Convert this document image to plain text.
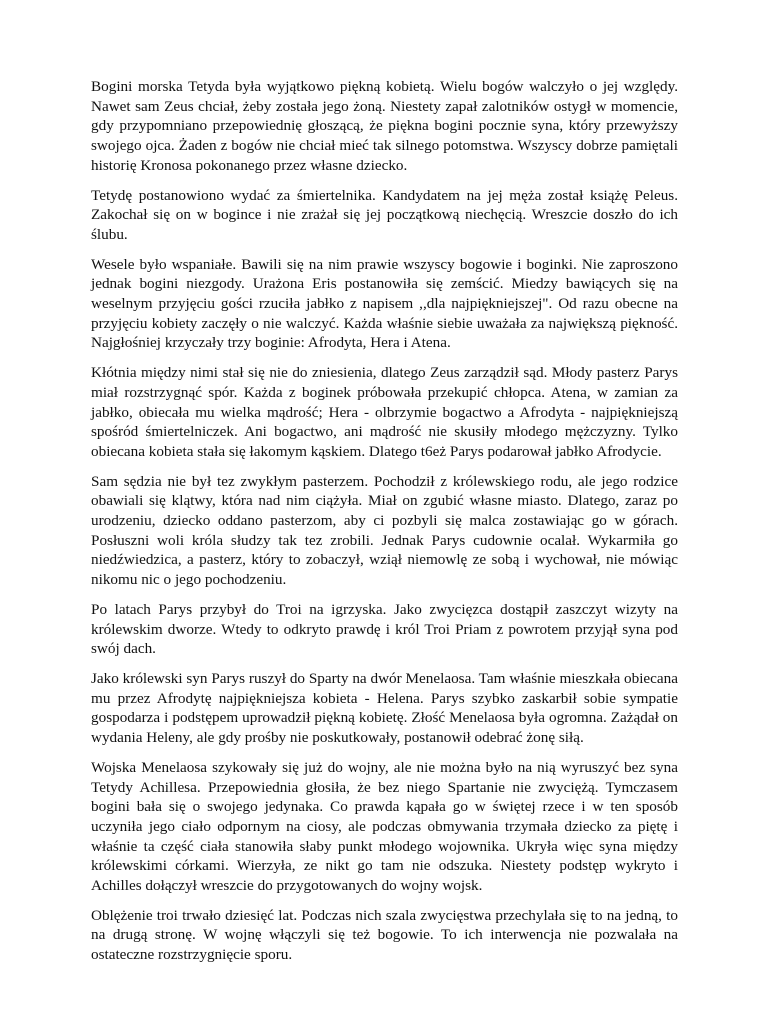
Bogini morska Tetyda była wyjątkowo piękną kobietą. Wielu bogów walczyło o jej względy. Nawet sam Zeus chciał, żeby została jego żoną. Niestety zapał zalotników ostygł w momencie, gdy przypomniano przepowiednię głoszącą, że piękna bogini pocznie syna, który przewyższy swojego ojca. Żaden z bogów nie chciał mieć tak silnego potomstwa. Wszyscy dobrze pamiętali historię Kronosa pokonanego przez własne dziecko.

Tetydę postanowiono wydać za śmiertelnika. Kandydatem na jej męża został książę Peleus. Zakochał się on w bogince i nie zrażał się jej początkową niechęcią. Wreszcie doszło do ich ślubu.

Wesele było wspaniałe. Bawili się na nim prawie wszyscy bogowie i boginki. Nie zaproszono jednak bogini niezgody. Urażona Eris postanowiła się zemścić. Miedzy bawiących się na weselnym przyjęciu gości rzuciła jabłko z napisem ,,dla najpiękniejszej". Od razu obecne na przyjęciu kobiety zaczęły o nie walczyć. Każda właśnie siebie uważała za największą piękność. Najgłośniej krzyczały trzy boginie: Afrodyta, Hera i Atena.

Kłótnia między nimi stał się nie do zniesienia, dlatego Zeus zarządził sąd. Młody pasterz Parys miał rozstrzygnąć spór. Każda z boginek próbowała przekupić chłopca. Atena, w zamian za jabłko, obiecała mu wielka mądrość; Hera - olbrzymie bogactwo a Afrodyta - najpiękniejszą spośród śmiertelniczek. Ani bogactwo, ani mądrość nie skusiły młodego mężczyzny. Tylko obiecana kobieta stała się łakomym kąskiem. Dlatego t6eż Parys podarował jabłko Afrodycie.

Sam sędzia nie był tez zwykłym pasterzem. Pochodził z królewskiego rodu, ale jego rodzice obawiali się klątwy, która nad nim ciążyła. Miał on zgubić własne miasto. Dlatego, zaraz po urodzeniu, dziecko oddano pasterzom, aby ci pozbyli się malca zostawiając go w górach. Posłuszni woli króla słudzy tak tez zrobili. Jednak Parys cudownie ocalał. Wykarmiła go niedźwiedzica, a pasterz, który to zobaczył, wziął niemowlę ze sobą i wychował, nie mówiąc nikomu nic o jego pochodzeniu.

Po latach Parys przybył do Troi na igrzyska. Jako zwycięzca dostąpił zaszczyt wizyty na królewskim dworze. Wtedy to odkryto prawdę i król Troi Priam z powrotem przyjął syna pod swój dach.

Jako królewski syn Parys ruszył do Sparty na dwór Menelaosa. Tam właśnie mieszkała obiecana mu przez Afrodytę najpiękniejsza kobieta - Helena. Parys szybko zaskarbił sobie sympatie gospodarza i podstępem uprowadził piękną kobietę. Złość Menelaosa była ogromna. Zażądał on wydania Heleny, ale gdy prośby nie poskutkowały, postanowił odebrać żonę siłą.

Wojska Menelaosa szykowały się już do wojny, ale nie można było na nią wyruszyć bez syna Tetydy Achillesa. Przepowiednia głosiła, że bez niego Spartanie nie zwyciężą. Tymczasem bogini bała się o swojego jedynaka. Co prawda kąpała go w świętej rzece i w ten sposób uczyniła jego ciało odpornym na ciosy, ale podczas obmywania trzymała dziecko za piętę i właśnie ta część ciała stanowiła słaby punkt młodego wojownika. Ukryła więc syna między królewskimi córkami. Wierzyła, ze nikt go tam nie odszuka. Niestety podstęp wykryto i Achilles dołączył wreszcie do przygotowanych do wojny wojsk.

Oblężenie troi trwało dziesięć lat. Podczas nich szala zwycięstwa przechylała się to na jedną, to na drugą stronę. W wojnę włączyli się też bogowie. To ich interwencja nie pozwalała na ostateczne rozstrzygnięcie sporu.
